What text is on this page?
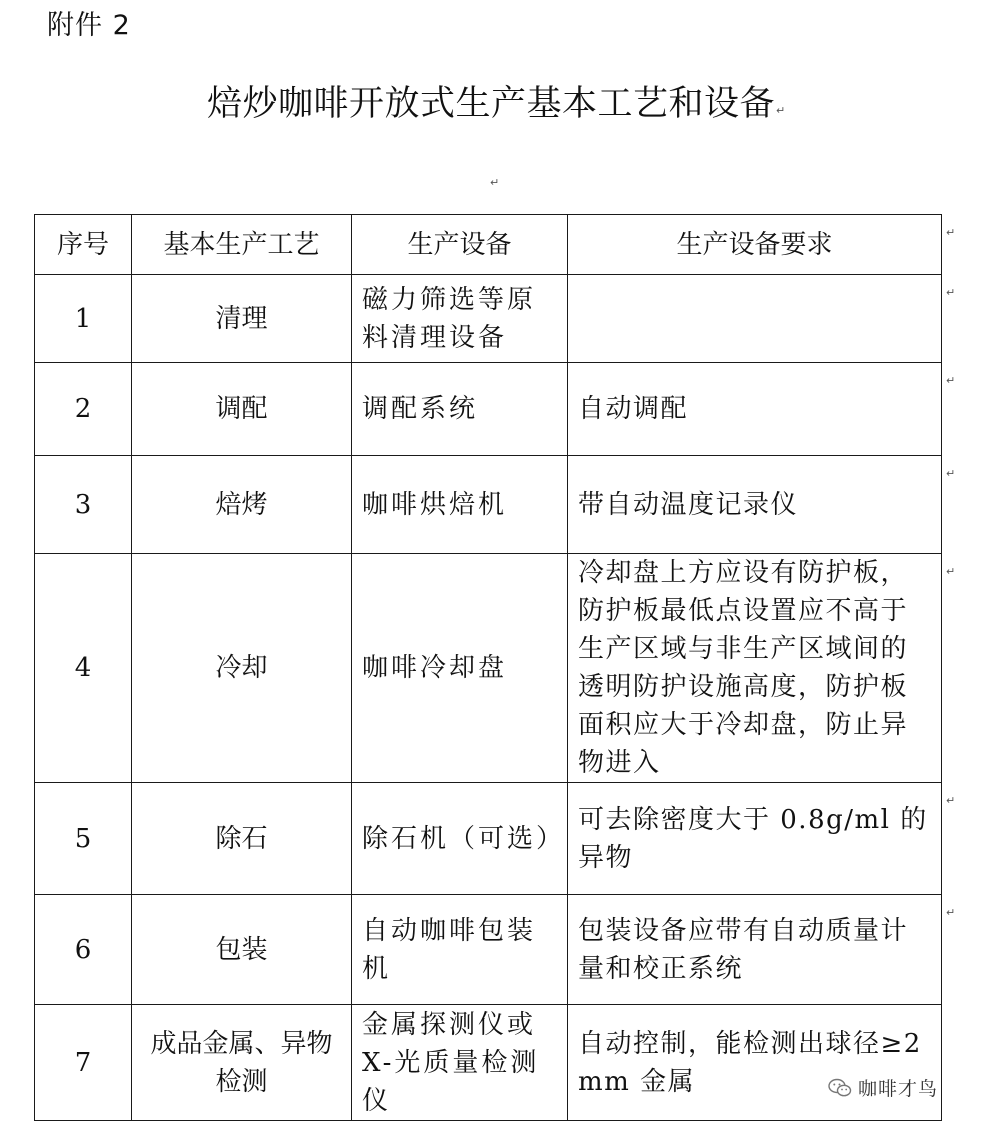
附件 2
焙炒咖啡开放式生产基本工艺和设备 ↵
↵
序号	基本生产工艺	生产设备	生产设备要求
1	清理	磁力筛选等原料清理设备	
2	调配	调配系统	自动调配
3	焙烤	咖啡烘焙机	带自动温度记录仪
4	冷却	咖啡冷却盘	冷却盘上方应设有防护板，防护板最低点设置应不高于生产区域与非生产区域间的透明防护设施高度，防护板面积应大于冷却盘，防止异物进入
5	除石	除石机（可选）	可去除密度大于 0.8g/ml 的异物
6	包装	自动咖啡包装机	包装设备应带有自动质量计量和校正系统
7	成品金属、异物检测	金属探测仪或X-光质量检测仪	自动控制，能检测出球径≥2mm 金属
↵
↵
↵
↵
↵
↵
↵
咖啡才鸟
